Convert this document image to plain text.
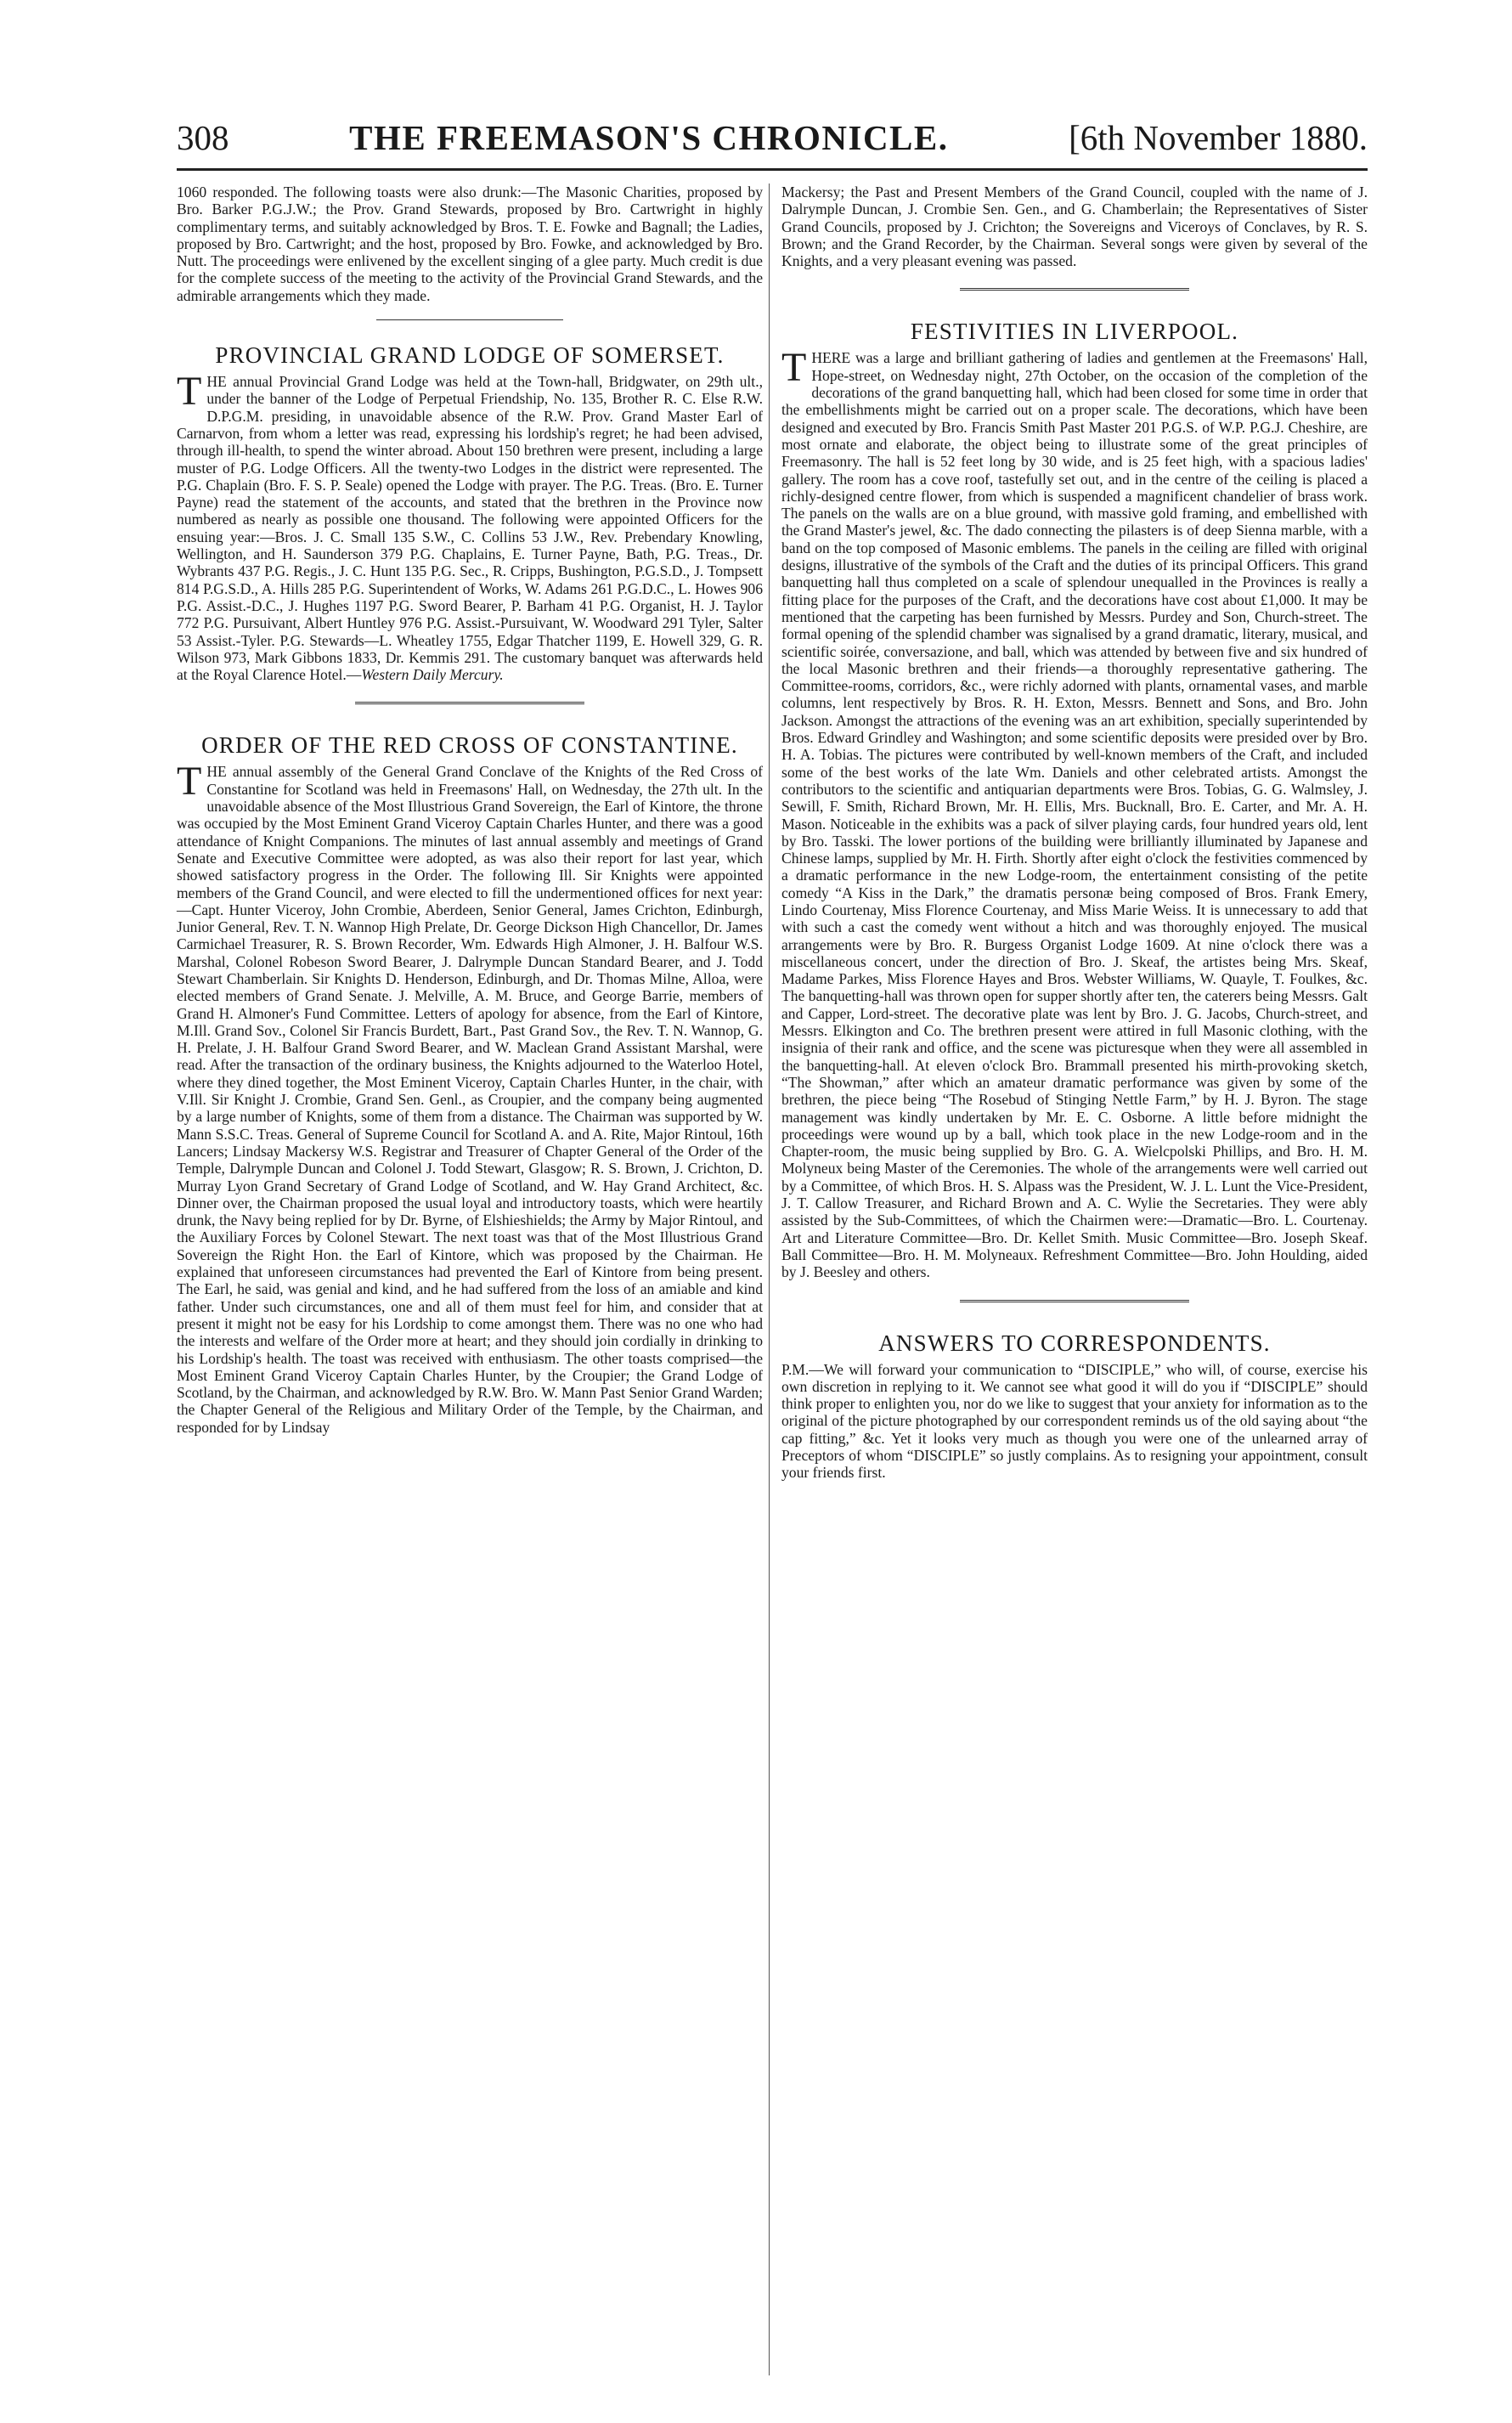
308	THE FREEMASON'S CHRONICLE.	[6th November 1880.

1060 responded. The following toasts were also drunk:—The Masonic Charities, proposed by Bro. Barker P.G.J.W.; the Prov. Grand Stewards, proposed by Bro. Cartwright in highly complimentary terms, and suitably acknowledged by Bros. T. E. Fowke and Bagnall; the Ladies, proposed by Bro. Cartwright; and the host, proposed by Bro. Fowke, and acknowledged by Bro. Nutt. The proceedings were enlivened by the excellent singing of a glee party. Much credit is due for the complete success of the meeting to the activity of the Provincial Grand Stewards, and the admirable arrangements which they made.

PROVINCIAL GRAND LODGE OF SOMERSET.

THE annual Provincial Grand Lodge was held at the Town-hall, Bridgwater, on 29th ult., under the banner of the Lodge of Perpetual Friendship, No. 135, Brother R. C. Else R.W. D.P.G.M. presiding, in unavoidable absence of the R.W. Prov. Grand Master Earl of Carnarvon, from whom a letter was read, expressing his lordship's regret; he had been advised, through ill-health, to spend the winter abroad. About 150 brethren were present, including a large muster of P.G. Lodge Officers. All the twenty-two Lodges in the district were represented. The P.G. Chaplain (Bro. F. S. P. Seale) opened the Lodge with prayer. The P.G. Treas. (Bro. E. Turner Payne) read the statement of the accounts, and stated that the brethren in the Province now numbered as nearly as possible one thousand. The following were appointed Officers for the ensuing year:—Bros. J. C. Small 135 S.W., C. Collins 53 J.W., Rev. Prebendary Knowling, Wellington, and H. Saunderson 379 P.G. Chaplains, E. Turner Payne, Bath, P.G. Treas., Dr. Wybrants 437 P.G. Regis., J. C. Hunt 135 P.G. Sec., R. Cripps, Bushington, P.G.S.D., J. Tompsett 814 P.G.S.D., A. Hills 285 P.G. Superintendent of Works, W. Adams 261 P.G.D.C., L. Howes 906 P.G. Assist.-D.C., J. Hughes 1197 P.G. Sword Bearer, P. Barham 41 P.G. Organist, H. J. Taylor 772 P.G. Pursuivant, Albert Huntley 976 P.G. Assist.-Pursuivant, W. Woodward 291 Tyler, Salter 53 Assist.-Tyler. P.G. Stewards—L. Wheatley 1755, Edgar Thatcher 1199, E. Howell 329, G. R. Wilson 973, Mark Gibbons 1833, Dr. Kemmis 291. The customary banquet was afterwards held at the Royal Clarence Hotel.—Western Daily Mercury.

ORDER OF THE RED CROSS OF CONSTANTINE.

THE annual assembly of the General Grand Conclave of the Knights of the Red Cross of Constantine for Scotland was held in Freemasons' Hall, on Wednesday, the 27th ult. In the unavoidable absence of the Most Illustrious Grand Sovereign, the Earl of Kintore, the throne was occupied by the Most Eminent Grand Viceroy Captain Charles Hunter, and there was a good attendance of Knight Companions. The minutes of last annual assembly and meetings of Grand Senate and Executive Committee were adopted, as was also their report for last year, which showed satisfactory progress in the Order. The following Ill. Sir Knights were appointed members of the Grand Council, and were elected to fill the undermentioned offices for next year:—Capt. Hunter Viceroy, John Crombie, Aberdeen, Senior General, James Crichton, Edinburgh, Junior General, Rev. T. N. Wannop High Prelate, Dr. George Dickson High Chancellor, Dr. James Carmichael Treasurer, R. S. Brown Recorder, Wm. Edwards High Almoner, J. H. Balfour W.S. Marshal, Colonel Robeson Sword Bearer, J. Dalrymple Duncan Standard Bearer, and J. Todd Stewart Chamberlain. Sir Knights D. Henderson, Edinburgh, and Dr. Thomas Milne, Alloa, were elected members of Grand Senate. J. Melville, A. M. Bruce, and George Barrie, members of Grand H. Almoner's Fund Committee. Letters of apology for absence, from the Earl of Kintore, M.Ill. Grand Sov., Colonel Sir Francis Burdett, Bart., Past Grand Sov., the Rev. T. N. Wannop, G. H. Prelate, J. H. Balfour Grand Sword Bearer, and W. Maclean Grand Assistant Marshal, were read. After the transaction of the ordinary business, the Knights adjourned to the Waterloo Hotel, where they dined together, the Most Eminent Viceroy, Captain Charles Hunter, in the chair, with V.Ill. Sir Knight J. Crombie, Grand Sen. Genl., as Croupier, and the company being augmented by a large number of Knights, some of them from a distance. The Chairman was supported by W. Mann S.S.C. Treas. General of Supreme Council for Scotland A. and A. Rite, Major Rintoul, 16th Lancers; Lindsay Mackersy W.S. Registrar and Treasurer of Chapter General of the Order of the Temple, Dalrymple Duncan and Colonel J. Todd Stewart, Glasgow; R. S. Brown, J. Crichton, D. Murray Lyon Grand Secretary of Grand Lodge of Scotland, and W. Hay Grand Architect, &c. Dinner over, the Chairman proposed the usual loyal and introductory toasts, which were heartily drunk, the Navy being replied for by Dr. Byrne, of Elshieshields; the Army by Major Rintoul, and the Auxiliary Forces by Colonel Stewart. The next toast was that of the Most Illustrious Grand Sovereign the Right Hon. the Earl of Kintore, which was proposed by the Chairman. He explained that unforeseen circumstances had prevented the Earl of Kintore from being present. The Earl, he said, was genial and kind, and he had suffered from the loss of an amiable and kind father. Under such circumstances, one and all of them must feel for him, and consider that at present it might not be easy for his Lordship to come amongst them. There was no one who had the interests and welfare of the Order more at heart; and they should join cordially in drinking to his Lordship's health. The toast was received with enthusiasm. The other toasts comprised—the Most Eminent Grand Viceroy Captain Charles Hunter, by the Croupier; the Grand Lodge of Scotland, by the Chairman, and acknowledged by R.W. Bro. W. Mann Past Senior Grand Warden; the Chapter General of the Religious and Military Order of the Temple, by the Chairman, and responded for by Lindsay

Mackersy; the Past and Present Members of the Grand Council, coupled with the name of J. Dalrymple Duncan, J. Crombie Sen. Gen., and G. Chamberlain; the Representatives of Sister Grand Councils, proposed by J. Crichton; the Sovereigns and Viceroys of Conclaves, by R. S. Brown; and the Grand Recorder, by the Chairman. Several songs were given by several of the Knights, and a very pleasant evening was passed.

FESTIVITIES IN LIVERPOOL.

THERE was a large and brilliant gathering of ladies and gentlemen at the Freemasons' Hall, Hope-street, on Wednesday night, 27th October, on the occasion of the completion of the decorations of the grand banquetting hall, which had been closed for some time in order that the embellishments might be carried out on a proper scale. The decorations, which have been designed and executed by Bro. Francis Smith Past Master 201 P.G.S. of W.P. P.G.J. Cheshire, are most ornate and elaborate, the object being to illustrate some of the great principles of Freemasonry. The hall is 52 feet long by 30 wide, and is 25 feet high, with a spacious ladies' gallery. The room has a cove roof, tastefully set out, and in the centre of the ceiling is placed a richly-designed centre flower, from which is suspended a magnificent chandelier of brass work. The panels on the walls are on a blue ground, with massive gold framing, and embellished with the Grand Master's jewel, &c. The dado connecting the pilasters is of deep Sienna marble, with a band on the top composed of Masonic emblems. The panels in the ceiling are filled with original designs, illustrative of the symbols of the Craft and the duties of its principal Officers. This grand banquetting hall thus completed on a scale of splendour unequalled in the Provinces is really a fitting place for the purposes of the Craft, and the decorations have cost about £1,000. It may be mentioned that the carpeting has been furnished by Messrs. Purdey and Son, Church-street. The formal opening of the splendid chamber was signalised by a grand dramatic, literary, musical, and scientific soirée, conversazione, and ball, which was attended by between five and six hundred of the local Masonic brethren and their friends—a thoroughly representative gathering. The Committee-rooms, corridors, &c., were richly adorned with plants, ornamental vases, and marble columns, lent respectively by Bros. R. H. Exton, Messrs. Bennett and Sons, and Bro. John Jackson. Amongst the attractions of the evening was an art exhibition, specially superintended by Bros. Edward Grindley and Washington; and some scientific deposits were presided over by Bro. H. A. Tobias. The pictures were contributed by well-known members of the Craft, and included some of the best works of the late Wm. Daniels and other celebrated artists. Amongst the contributors to the scientific and antiquarian departments were Bros. Tobias, G. G. Walmsley, J. Sewill, F. Smith, Richard Brown, Mr. H. Ellis, Mrs. Bucknall, Bro. E. Carter, and Mr. A. H. Mason. Noticeable in the exhibits was a pack of silver playing cards, four hundred years old, lent by Bro. Tasski. The lower portions of the building were brilliantly illuminated by Japanese and Chinese lamps, supplied by Mr. H. Firth. Shortly after eight o'clock the festivities commenced by a dramatic performance in the new Lodge-room, the entertainment consisting of the petite comedy “A Kiss in the Dark,” the dramatis personæ being composed of Bros. Frank Emery, Lindo Courtenay, Miss Florence Courtenay, and Miss Marie Weiss. It is unnecessary to add that with such a cast the comedy went without a hitch and was thoroughly enjoyed. The musical arrangements were by Bro. R. Burgess Organist Lodge 1609. At nine o'clock there was a miscellaneous concert, under the direction of Bro. J. Skeaf, the artistes being Mrs. Skeaf, Madame Parkes, Miss Florence Hayes and Bros. Webster Williams, W. Quayle, T. Foulkes, &c. The banquetting-hall was thrown open for supper shortly after ten, the caterers being Messrs. Galt and Capper, Lord-street. The decorative plate was lent by Bro. J. G. Jacobs, Church-street, and Messrs. Elkington and Co. The brethren present were attired in full Masonic clothing, with the insignia of their rank and office, and the scene was picturesque when they were all assembled in the banquetting-hall. At eleven o'clock Bro. Brammall presented his mirth-provoking sketch, “The Showman,” after which an amateur dramatic performance was given by some of the brethren, the piece being “The Rosebud of Stinging Nettle Farm,” by H. J. Byron. The stage management was kindly undertaken by Mr. E. C. Osborne. A little before midnight the proceedings were wound up by a ball, which took place in the new Lodge-room and in the Chapter-room, the music being supplied by Bro. G. A. Wielcpolski Phillips, and Bro. H. M. Molyneux being Master of the Ceremonies. The whole of the arrangements were well carried out by a Committee, of which Bros. H. S. Alpass was the President, W. J. L. Lunt the Vice-President, J. T. Callow Treasurer, and Richard Brown and A. C. Wylie the Secretaries. They were ably assisted by the Sub-Committees, of which the Chairmen were:—Dramatic—Bro. L. Courtenay. Art and Literature Committee—Bro. Dr. Kellet Smith. Music Committee—Bro. Joseph Skeaf. Ball Committee—Bro. H. M. Molyneaux. Refreshment Committee—Bro. John Houlding, aided by J. Beesley and others.

ANSWERS TO CORRESPONDENTS.

P.M.—We will forward your communication to “DISCIPLE,” who will, of course, exercise his own discretion in replying to it. We cannot see what good it will do you if “DISCIPLE” should think proper to enlighten you, nor do we like to suggest that your anxiety for information as to the original of the picture photographed by our correspondent reminds us of the old saying about “the cap fitting,” &c. Yet it looks very much as though you were one of the unlearned array of Preceptors of whom “DISCIPLE” so justly complains. As to resigning your appointment, consult your friends first.
